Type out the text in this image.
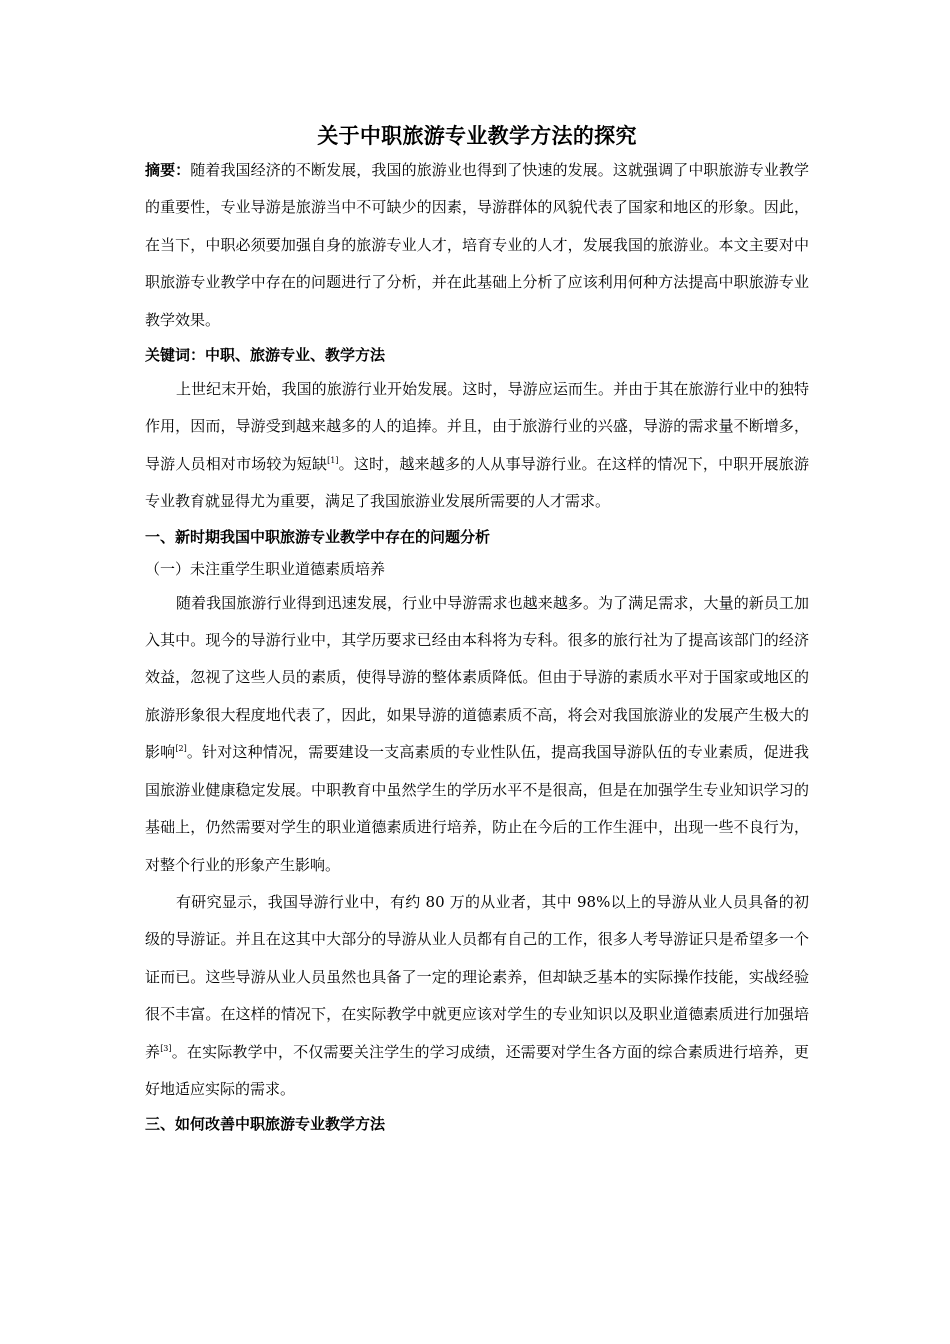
关于中职旅游专业教学方法的探究

摘要：随着我国经济的不断发展，我国的旅游业也得到了快速的发展。这就强调了中职旅游专业教学的重要性，专业导游是旅游当中不可缺少的因素，导游群体的风貌代表了国家和地区的形象。因此，在当下，中职必须要加强自身的旅游专业人才，培育专业的人才，发展我国的旅游业。本文主要对中职旅游专业教学中存在的问题进行了分析，并在此基础上分析了应该利用何种方法提高中职旅游专业教学效果。

关键词：中职、旅游专业、教学方法

上世纪末开始，我国的旅游行业开始发展。这时，导游应运而生。并由于其在旅游行业中的独特作用，因而，导游受到越来越多的人的追捧。并且，由于旅游行业的兴盛，导游的需求量不断增多，导游人员相对市场较为短缺[1]。这时，越来越多的人从事导游行业。在这样的情况下，中职开展旅游专业教育就显得尤为重要，满足了我国旅游业发展所需要的人才需求。

一、新时期我国中职旅游专业教学中存在的问题分析

（一）未注重学生职业道德素质培养

随着我国旅游行业得到迅速发展，行业中导游需求也越来越多。为了满足需求，大量的新员工加入其中。现今的导游行业中，其学历要求已经由本科将为专科。很多的旅行社为了提高该部门的经济效益，忽视了这些人员的素质，使得导游的整体素质降低。但由于导游的素质水平对于国家或地区的旅游形象很大程度地代表了，因此，如果导游的道德素质不高，将会对我国旅游业的发展产生极大的影响[2]。针对这种情况，需要建设一支高素质的专业性队伍，提高我国导游队伍的专业素质，促进我国旅游业健康稳定发展。中职教育中虽然学生的学历水平不是很高，但是在加强学生专业知识学习的基础上，仍然需要对学生的职业道德素质进行培养，防止在今后的工作生涯中，出现一些不良行为，对整个行业的形象产生影响。

有研究显示，我国导游行业中，有约 80 万的从业者，其中 98%以上的导游从业人员具备的初级的导游证。并且在这其中大部分的导游从业人员都有自己的工作，很多人考导游证只是希望多一个证而已。这些导游从业人员虽然也具备了一定的理论素养，但却缺乏基本的实际操作技能，实战经验很不丰富。在这样的情况下，在实际教学中就更应该对学生的专业知识以及职业道德素质进行加强培养[3]。在实际教学中，不仅需要关注学生的学习成绩，还需要对学生各方面的综合素质进行培养，更好地适应实际的需求。

三、如何改善中职旅游专业教学方法
